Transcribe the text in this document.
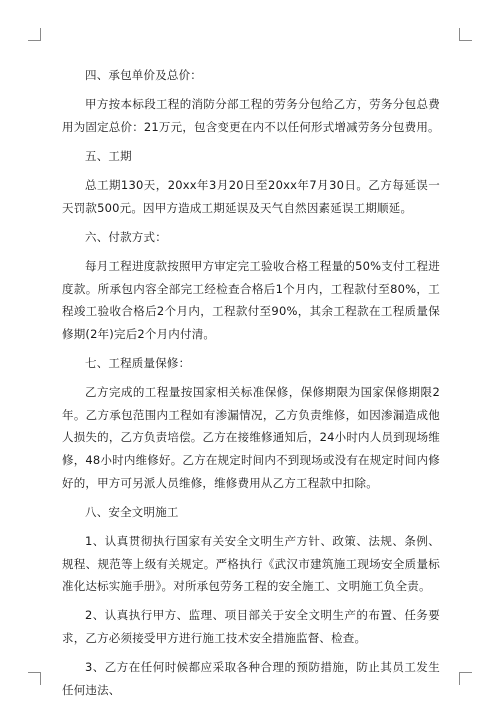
四、承包单价及总价：
甲方按本标段工程的消防分部工程的劳务分包给乙方，劳务分包总费用为固定总价：21万元，包含变更在内不以任何形式增减劳务分包费用。
五、工期
总工期130天，20xx年3月20日至20xx年7月30日。乙方每延误一天罚款500元。因甲方造成工期延误及天气自然因素延误工期顺延。
六、付款方式：
每月工程进度款按照甲方审定完工验收合格工程量的50%支付工程进度款。所承包内容全部完工经检查合格后1个月内，工程款付至80%，工程竣工验收合格后2个月内，工程款付至90%，其余工程款在工程质量保修期(2年)完后2个月内付清。
七、工程质量保修：
乙方完成的工程量按国家相关标准保修，保修期限为国家保修期限2年。乙方承包范围内工程如有渗漏情况，乙方负责维修，如因渗漏造成他人损失的，乙方负责培偿。乙方在接维修通知后，24小时内人员到现场维修，48小时内维修好。乙方在规定时间内不到现场或没有在规定时间内修好的，甲方可另派人员维修，维修费用从乙方工程款中扣除。
八、安全文明施工
1、认真贯彻执行国家有关安全文明生产方针、政策、法规、条例、规程、规范等上级有关规定。严格执行《武汉市建筑施工现场安全质量标准化达标实施手册》。对所承包劳务工程的安全施工、文明施工负全责。
2、认真执行甲方、监理、项目部关于安全文明生产的布置、任务要求，乙方必须接受甲方进行施工技术安全措施监督、检查。
3、乙方在任何时候都应采取各种合理的预防措施，防止其员工发生任何违法、
